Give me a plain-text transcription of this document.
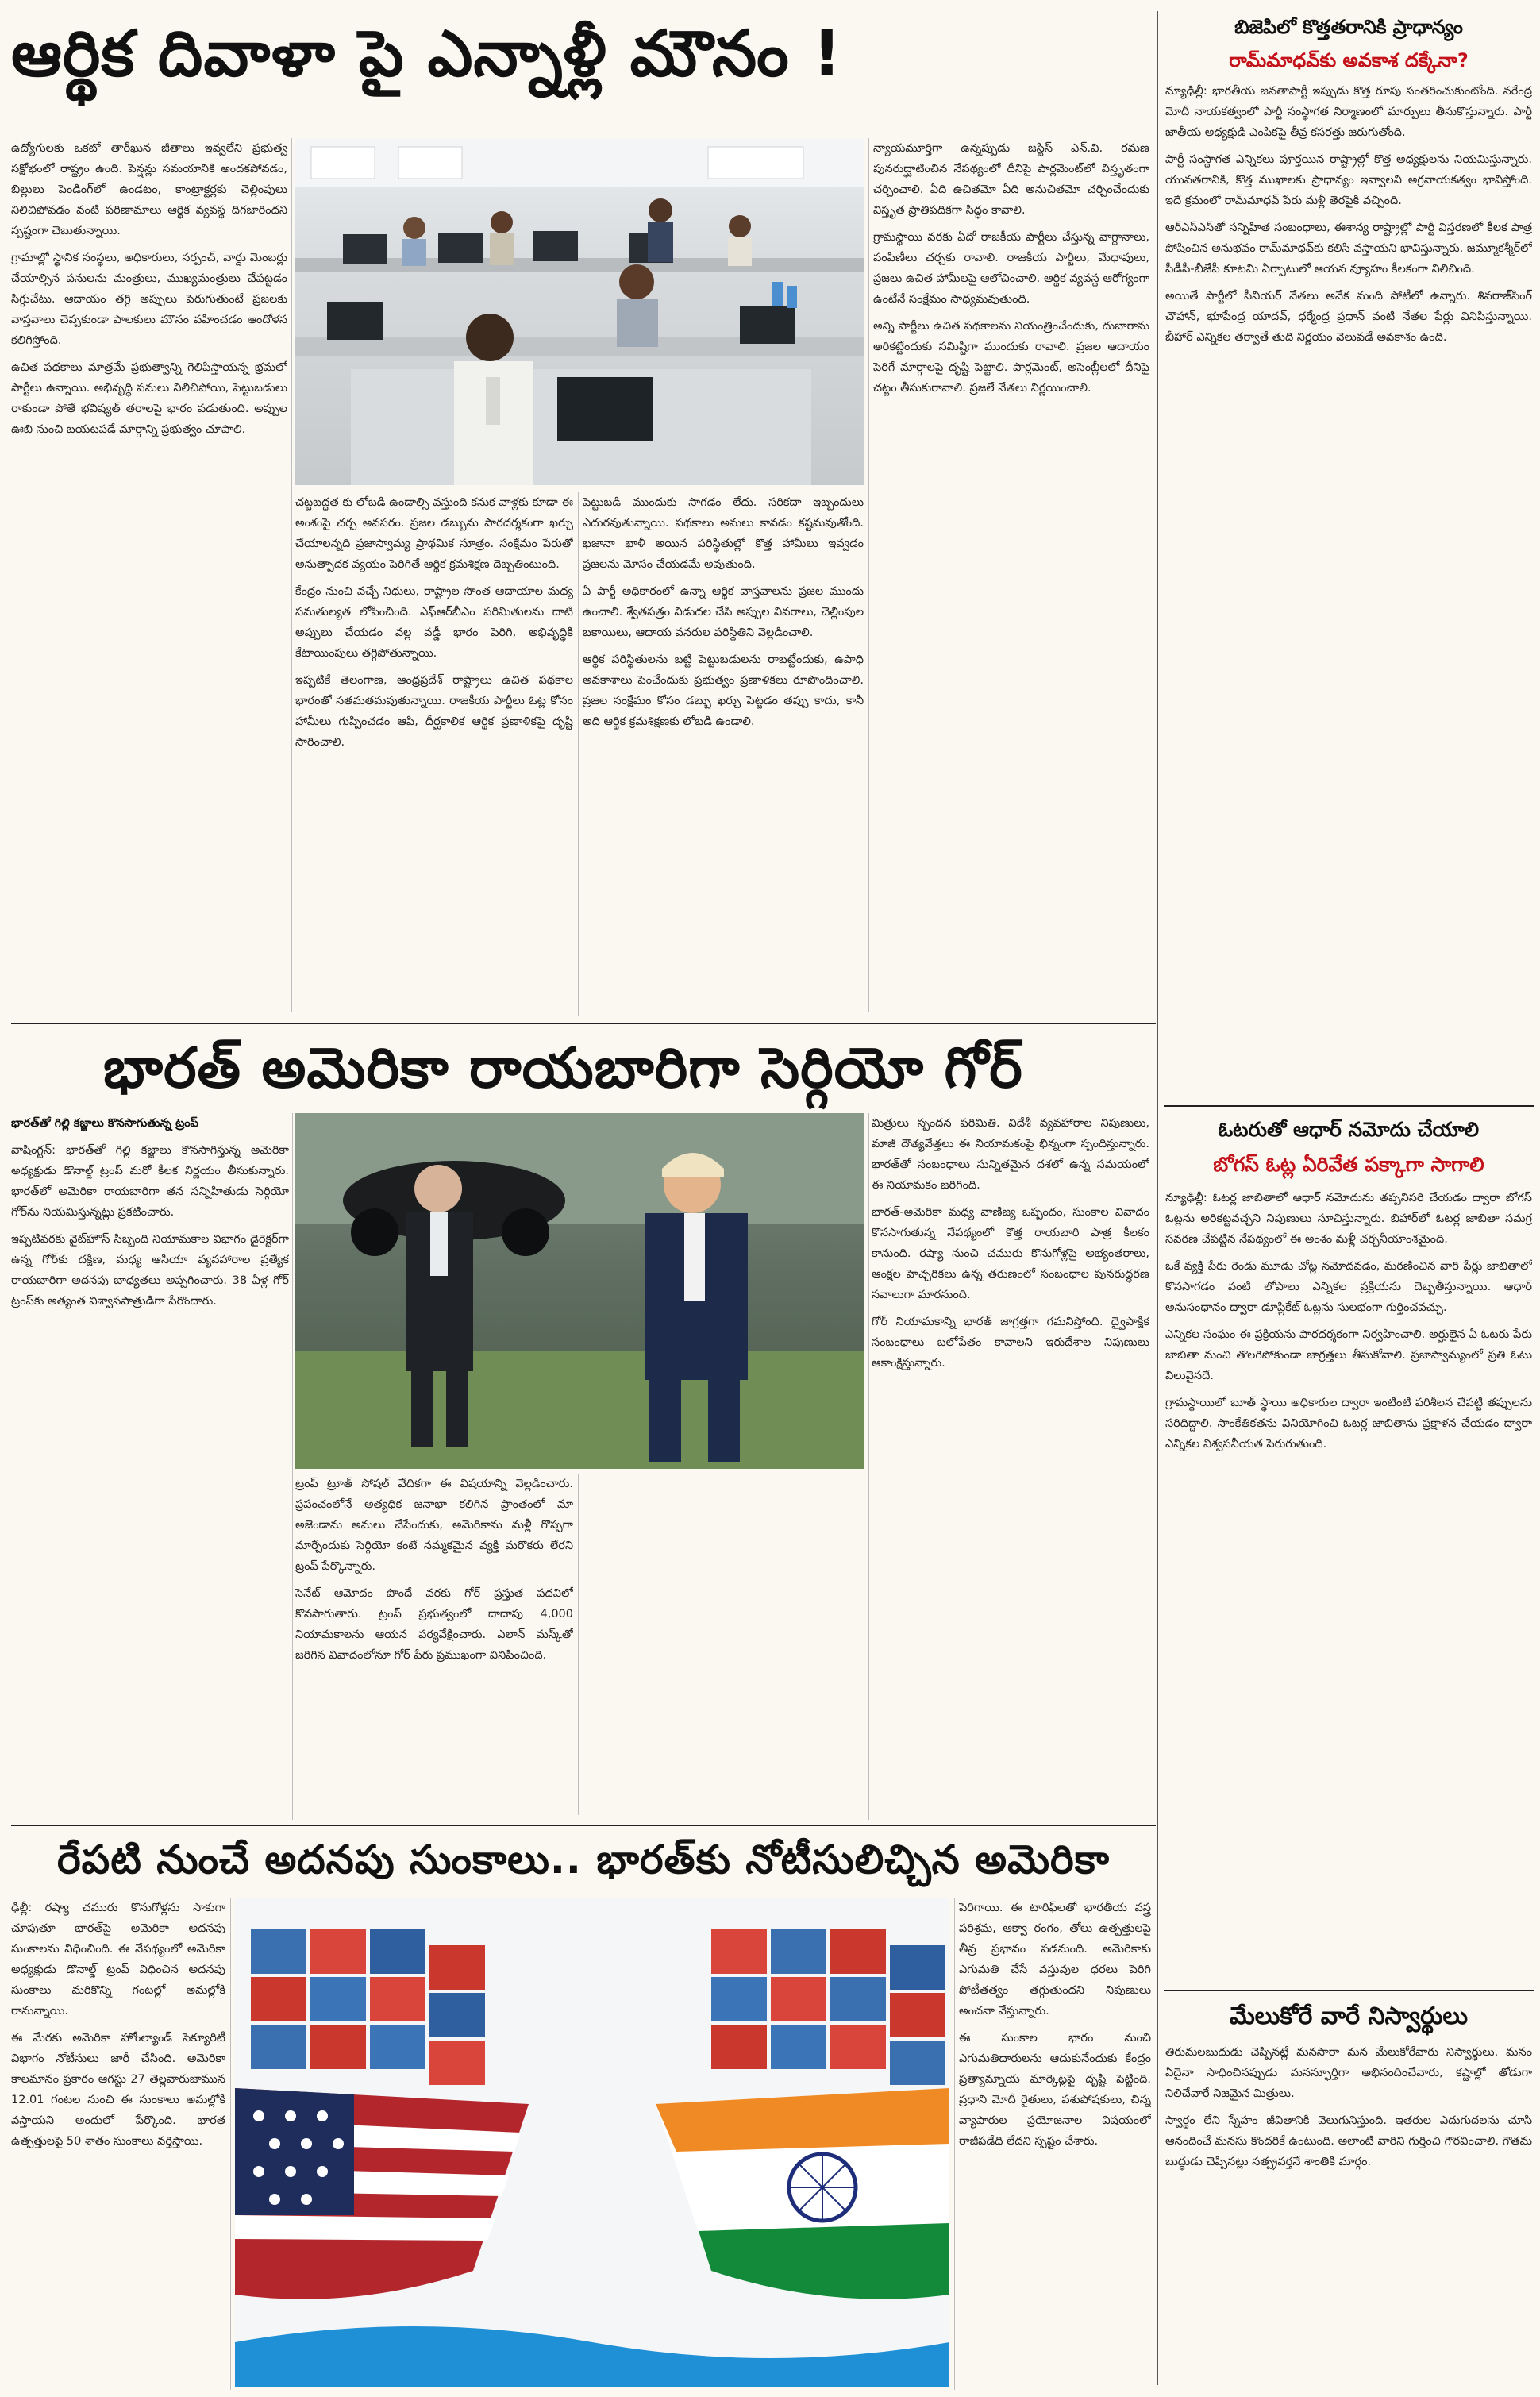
ఆర్థిక దివాళా పై ఎన్నాళ్లీ మౌనం !

ఉద్యోగులకు ఒకటో తారీఖున జీతాలు ఇవ్వలేని ప్రభుత్వ సక్షోభంలో రాష్ట్రం ఉంది. పెన్షన్లు సమయానికి అందకపోవడం, బిల్లులు పెండింగ్‌లో ఉండటం, కాంట్రాక్టర్లకు చెల్లింపులు నిలిచిపోవడం వంటి పరిణామాలు ఆర్థిక వ్యవస్థ దిగజారిందని స్పష్టంగా చెబుతున్నాయి.

గ్రామాల్లో స్థానిక సంస్థలు, అధికారులు, సర్పంచ్, వార్డు మెంబర్లు చేయాల్సిన పనులను మంత్రులు, ముఖ్యమంత్రులు చేపట్టడం సిగ్గుచేటు. ఆదాయం తగ్గి అప్పులు పెరుగుతుంటే ప్రజలకు వాస్తవాలు చెప్పకుండా పాలకులు మౌనం వహించడం ఆందోళన కలిగిస్తోంది.

ఉచిత పథకాలు మాత్రమే ప్రభుత్వాన్ని గెలిపిస్తాయన్న భ్రమలో పార్టీలు ఉన్నాయి. అభివృద్ధి పనులు నిలిచిపోయి, పెట్టుబడులు రాకుండా పోతే భవిష్యత్ తరాలపై భారం పడుతుంది. అప్పుల ఊబి నుంచి బయటపడే మార్గాన్ని ప్రభుత్వం చూపాలి.

చట్టబద్ధత కు లోబడి ఉండాల్సి వస్తుంది కనుక వాళ్లకు కూడా ఈ అంశంపై చర్చ అవసరం. ప్రజల డబ్బును పారదర్శకంగా ఖర్చు చేయాలన్నది ప్రజాస్వామ్య ప్రాథమిక సూత్రం. సంక్షేమం పేరుతో అనుత్పాదక వ్యయం పెరిగితే ఆర్థిక క్రమశిక్షణ దెబ్బతింటుంది.

కేంద్రం నుంచి వచ్చే నిధులు, రాష్ట్రాల సొంత ఆదాయాల మధ్య సమతుల్యత లోపించింది. ఎఫ్‌ఆర్‌బీఎం పరిమితులను దాటి అప్పులు చేయడం వల్ల వడ్డీ భారం పెరిగి, అభివృద్ధికి కేటాయింపులు తగ్గిపోతున్నాయి.

ఇప్పటికే తెలంగాణ, ఆంధ్రప్రదేశ్ రాష్ట్రాలు ఉచిత పథకాల భారంతో సతమతమవుతున్నాయి. రాజకీయ పార్టీలు ఓట్ల కోసం హామీలు గుప్పించడం ఆపి, దీర్ఘకాలిక ఆర్థిక ప్రణాళికపై దృష్టి సారించాలి.

పెట్టుబడి ముందుకు సాగడం లేదు. సరికదా ఇబ్బందులు ఎదురవుతున్నాయి. పథకాలు అమలు కావడం కష్టమవుతోంది. ఖజానా ఖాళీ అయిన పరిస్థితుల్లో కొత్త హామీలు ఇవ్వడం ప్రజలను మోసం చేయడమే అవుతుంది.

ఏ పార్టీ అధికారంలో ఉన్నా ఆర్థిక వాస్తవాలను ప్రజల ముందు ఉంచాలి. శ్వేతపత్రం విడుదల చేసి అప్పుల వివరాలు, చెల్లింపుల బకాయిలు, ఆదాయ వనరుల పరిస్థితిని వెల్లడించాలి.

ఆర్థిక పరిస్థితులను బట్టి పెట్టుబడులను రాబట్టేందుకు, ఉపాధి అవకాశాలు పెంచేందుకు ప్రభుత్వం ప్రణాళికలు రూపొందించాలి. ప్రజల సంక్షేమం కోసం డబ్బు ఖర్చు పెట్టడం తప్పు కాదు, కానీ అది ఆర్థిక క్రమశిక్షణకు లోబడి ఉండాలి.

న్యాయమూర్తిగా ఉన్నప్పుడు జస్టిస్ ఎన్.వి. రమణ పునరుద్ఘాటించిన నేపథ్యంలో దీనిపై పార్లమెంట్‌లో విస్తృతంగా చర్చించాలి. ఏది ఉచితమో ఏది అనుచితమో చర్చించేందుకు విస్తృత ప్రాతిపదికగా సిద్ధం కావాలి.

గ్రామస్థాయి వరకు ఏదో రాజకీయ పార్టీలు చేస్తున్న వాగ్దానాలు, పంపిణీలు చర్చకు రావాలి. రాజకీయ పార్టీలు, మేధావులు, ప్రజలు ఉచిత హామీలపై ఆలోచించాలి. ఆర్థిక వ్యవస్థ ఆరోగ్యంగా ఉంటేనే సంక్షేమం సాధ్యమవుతుంది.

అన్ని పార్టీలు ఉచిత పథకాలను నియంత్రించేందుకు, దుబారాను అరికట్టేందుకు సమిష్టిగా ముందుకు రావాలి. ప్రజల ఆదాయం పెరిగే మార్గాలపై దృష్టి పెట్టాలి. పార్లమెంట్, అసెంబ్లీలలో దీనిపై చట్టం తీసుకురావాలి. ప్రజలే నేతలు నిర్ణయించాలి.

భారత్ అమెరికా రాయబారిగా సెర్గియో గోర్

భారత్‌తో గిల్లి కజ్జాలు కొనసాగుతున్న ట్రంప్

వాషింగ్టన్: భారత్‌తో గిల్లి కజ్జాలు కొనసాగిస్తున్న అమెరికా అధ్యక్షుడు డొనాల్డ్ ట్రంప్ మరో కీలక నిర్ణయం తీసుకున్నారు. భారత్‌లో అమెరికా రాయబారిగా తన సన్నిహితుడు సెర్గియో గోర్‌ను నియమిస్తున్నట్లు ప్రకటించారు.

ఇప్పటివరకు వైట్‌హౌస్ సిబ్బంది నియామకాల విభాగం డైరెక్టర్‌గా ఉన్న గోర్‌కు దక్షిణ, మధ్య ఆసియా వ్యవహారాల ప్రత్యేక రాయబారిగా అదనపు బాధ్యతలు అప్పగించారు. 38 ఏళ్ల గోర్ ట్రంప్‌కు అత్యంత విశ్వాసపాత్రుడిగా పేరొందారు.

ట్రంప్ ట్రూత్ సోషల్ వేదికగా ఈ విషయాన్ని వెల్లడించారు. ప్రపంచంలోనే అత్యధిక జనాభా కలిగిన ప్రాంతంలో మా అజెండాను అమలు చేసేందుకు, అమెరికాను మళ్లీ గొప్పగా మార్చేందుకు సెర్గియో కంటే నమ్మకమైన వ్యక్తి మరొకరు లేరని ట్రంప్ పేర్కొన్నారు.

సెనేట్ ఆమోదం పొందే వరకు గోర్ ప్రస్తుత పదవిలో కొనసాగుతారు. ట్రంప్ ప్రభుత్వంలో దాదాపు 4,000 నియామకాలను ఆయన పర్యవేక్షించారు. ఎలాన్ మస్క్‌తో జరిగిన వివాదంలోనూ గోర్ పేరు ప్రముఖంగా వినిపించింది.

మిత్రులు స్పందన పరిమితి. విదేశీ వ్యవహారాల నిపుణులు, మాజీ దౌత్యవేత్తలు ఈ నియామకంపై భిన్నంగా స్పందిస్తున్నారు. భారత్‌తో సంబంధాలు సున్నితమైన దశలో ఉన్న సమయంలో ఈ నియామకం జరిగింది.

భారత్-అమెరికా మధ్య వాణిజ్య ఒప్పందం, సుంకాల వివాదం కొనసాగుతున్న నేపథ్యంలో కొత్త రాయబారి పాత్ర కీలకం కానుంది. రష్యా నుంచి చమురు కొనుగోళ్లపై అభ్యంతరాలు, ఆంక్షల హెచ్చరికలు ఉన్న తరుణంలో సంబంధాల పునరుద్ధరణ సవాలుగా మారనుంది.

గోర్ నియామకాన్ని భారత్ జాగ్రత్తగా గమనిస్తోంది. ద్వైపాక్షిక సంబంధాలు బలోపేతం కావాలని ఇరుదేశాల నిపుణులు ఆకాంక్షిస్తున్నారు.

రేపటి నుంచే అదనపు సుంకాలు.. భారత్‌కు నోటీసులిచ్చిన అమెరికా

ఢిల్లీ: రష్యా చమురు కొనుగోళ్లను సాకుగా చూపుతూ భారత్‌పై అమెరికా అదనపు సుంకాలను విధించింది. ఈ నేపథ్యంలో అమెరికా అధ్యక్షుడు డొనాల్డ్ ట్రంప్ విధించిన అదనపు సుంకాలు మరికొన్ని గంటల్లో అమల్లోకి రానున్నాయి.

ఈ మేరకు అమెరికా హోంల్యాండ్ సెక్యూరిటీ విభాగం నోటీసులు జారీ చేసింది. అమెరికా కాలమానం ప్రకారం ఆగస్టు 27 తెల్లవారుజామున 12.01 గంటల నుంచి ఈ సుంకాలు అమల్లోకి వస్తాయని అందులో పేర్కొంది. భారత ఉత్పత్తులపై 50 శాతం సుంకాలు వర్తిస్తాయి.

పెరిగాయి. ఈ టారిఫ్‌లతో భారతీయ వస్త్ర పరిశ్రమ, ఆక్వా రంగం, తోలు ఉత్పత్తులపై తీవ్ర ప్రభావం పడనుంది. అమెరికాకు ఎగుమతి చేసే వస్తువుల ధరలు పెరిగి పోటీతత్వం తగ్గుతుందని నిపుణులు అంచనా వేస్తున్నారు.

ఈ సుంకాల భారం నుంచి ఎగుమతిదారులను ఆదుకునేందుకు కేంద్రం ప్రత్యామ్నాయ మార్కెట్లపై దృష్టి పెట్టింది. ప్రధాని మోదీ రైతులు, పశుపోషకులు, చిన్న వ్యాపారుల ప్రయోజనాల విషయంలో రాజీపడేది లేదని స్పష్టం చేశారు.

బిజెపిలో కొత్తతరానికి ప్రాధాన్యం
రామ్‌మాధవ్‌కు అవకాశ దక్కేనా?

న్యూఢిల్లీ: భారతీయ జనతాపార్టీ ఇప్పుడు కొత్త రూపు సంతరించుకుంటోంది. నరేంద్ర మోదీ నాయకత్వంలో పార్టీ సంస్థాగత నిర్మాణంలో మార్పులు తీసుకొస్తున్నారు. పార్టీ జాతీయ అధ్యక్షుడి ఎంపికపై తీవ్ర కసరత్తు జరుగుతోంది.

పార్టీ సంస్థాగత ఎన్నికలు పూర్తయిన రాష్ట్రాల్లో కొత్త అధ్యక్షులను నియమిస్తున్నారు. యువతరానికి, కొత్త ముఖాలకు ప్రాధాన్యం ఇవ్వాలని అగ్రనాయకత్వం భావిస్తోంది. ఇదే క్రమంలో రామ్‌మాధవ్ పేరు మళ్లీ తెరపైకి వచ్చింది.

ఆర్ఎస్ఎస్‌తో సన్నిహిత సంబంధాలు, ఈశాన్య రాష్ట్రాల్లో పార్టీ విస్తరణలో కీలక పాత్ర పోషించిన అనుభవం రామ్‌మాధవ్‌కు కలిసి వస్తాయని భావిస్తున్నారు. జమ్మూకశ్మీర్‌లో పీడీపీ-బీజేపీ కూటమి ఏర్పాటులో ఆయన వ్యూహం కీలకంగా నిలిచింది.

అయితే పార్టీలో సీనియర్ నేతలు అనేక మంది పోటీలో ఉన్నారు. శివరాజ్‌సింగ్ చౌహాన్, భూపేంద్ర యాదవ్, ధర్మేంద్ర ప్రధాన్ వంటి నేతల పేర్లు వినిపిస్తున్నాయి. బీహార్ ఎన్నికల తర్వాతే తుది నిర్ణయం వెలువడే అవకాశం ఉంది.

ఓటరుతో ఆధార్ నమోదు చేయాలి
బోగస్ ఓట్ల ఏరివేత పక్కాగా సాగాలి

న్యూఢిల్లీ: ఓటర్ల జాబితాలో ఆధార్ నమోదును తప్పనిసరి చేయడం ద్వారా బోగస్ ఓట్లను అరికట్టవచ్చని నిపుణులు సూచిస్తున్నారు. బిహార్‌లో ఓటర్ల జాబితా సమగ్ర సవరణ చేపట్టిన నేపథ్యంలో ఈ అంశం మళ్లీ చర్చనీయాంశమైంది.

ఒకే వ్యక్తి పేరు రెండు మూడు చోట్ల నమోదవడం, మరణించిన వారి పేర్లు జాబితాలో కొనసాగడం వంటి లోపాలు ఎన్నికల ప్రక్రియను దెబ్బతీస్తున్నాయి. ఆధార్ అనుసంధానం ద్వారా డూప్లికేట్ ఓట్లను సులభంగా గుర్తించవచ్చు.

ఎన్నికల సంఘం ఈ ప్రక్రియను పారదర్శకంగా నిర్వహించాలి. అర్హులైన ఏ ఓటరు పేరు జాబితా నుంచి తొలగిపోకుండా జాగ్రత్తలు తీసుకోవాలి. ప్రజాస్వామ్యంలో ప్రతి ఓటు విలువైనదే.

గ్రామస్థాయిలో బూత్ స్థాయి అధికారుల ద్వారా ఇంటింటి పరిశీలన చేపట్టి తప్పులను సరిదిద్దాలి. సాంకేతికతను వినియోగించి ఓటర్ల జాబితాను ప్రక్షాళన చేయడం ద్వారా ఎన్నికల విశ్వసనీయత పెరుగుతుంది.

మేలుకోరే వారే నిస్వార్థులు

తిరుమలబుదుడు చెప్పినట్లే మనసారా మన మేలుకోరేవారు నిస్వార్థులు. మనం ఏదైనా సాధించినప్పుడు మనస్ఫూర్తిగా అభినందించేవారు, కష్టాల్లో తోడుగా నిలిచేవారే నిజమైన మిత్రులు.

స్వార్థం లేని స్నేహం జీవితానికి వెలుగునిస్తుంది. ఇతరుల ఎదుగుదలను చూసి ఆనందించే మనసు కొందరికే ఉంటుంది. అలాంటి వారిని గుర్తించి గౌరవించాలి. గౌతమ బుద్ధుడు చెప్పినట్లు సత్ప్రవర్తనే శాంతికి మార్గం.
